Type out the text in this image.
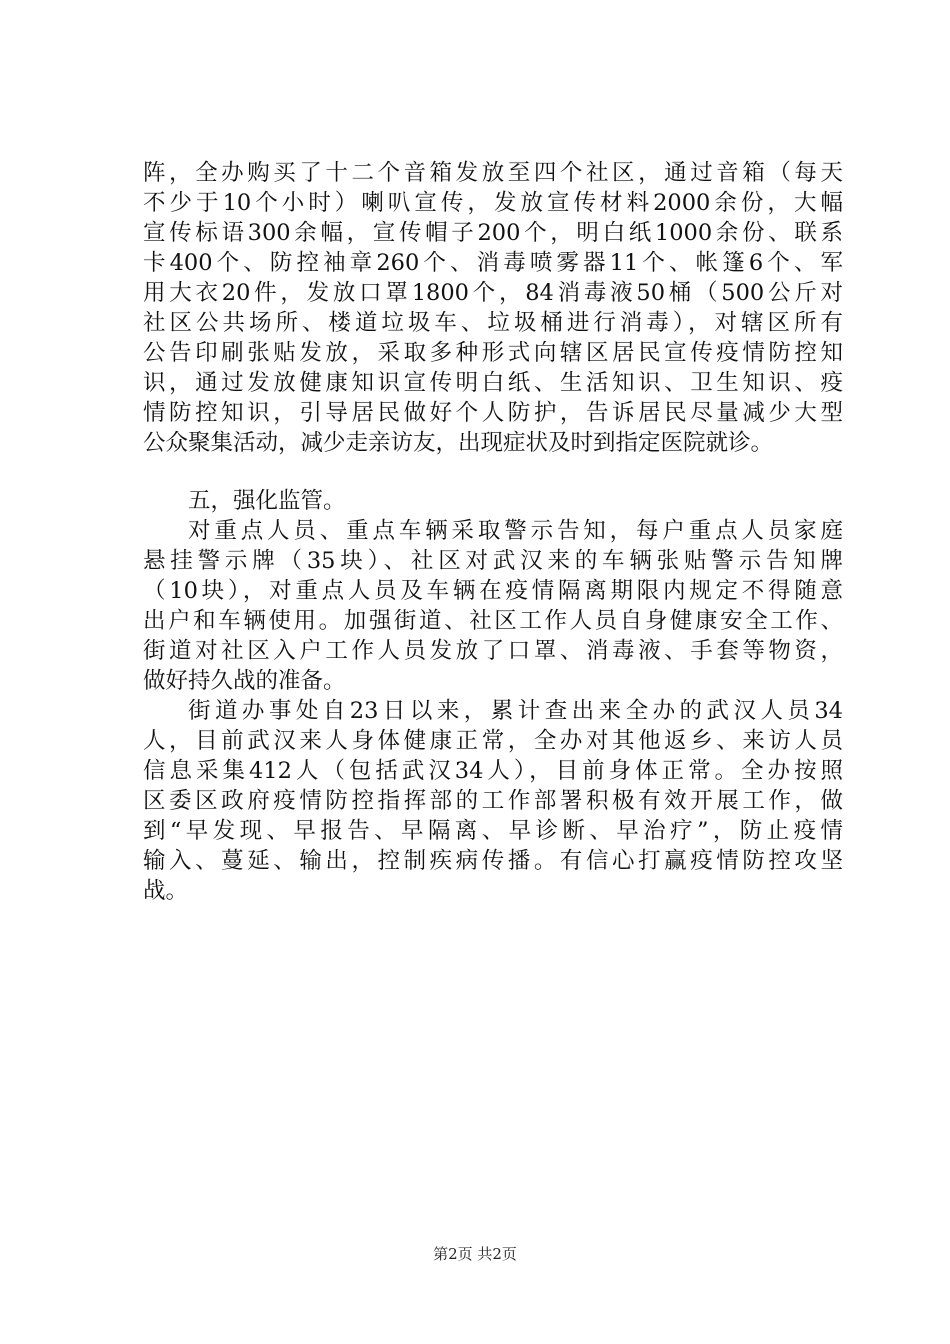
阵，全办购买了十二个音箱发放至四个社区，通过音箱（每天
不少于10个小时）喇叭宣传，发放宣传材料2000余份，大幅
宣传标语300余幅，宣传帽子200个，明白纸1000余份、联系
卡400个、防控袖章260个、消毒喷雾器11个、帐篷6个、军
用大衣20件，发放口罩1800个，84消毒液50桶（500公斤对
社区公共场所、楼道垃圾车、垃圾桶进行消毒），对辖区所有
公告印刷张贴发放，采取多种形式向辖区居民宣传疫情防控知
识，通过发放健康知识宣传明白纸、生活知识、卫生知识、疫
情防控知识，引导居民做好个人防护，告诉居民尽量减少大型
公众聚集活动，减少走亲访友，出现症状及时到指定医院就诊。
五，强化监管。
对重点人员、重点车辆采取警示告知，每户重点人员家庭
悬挂警示牌（35块）、社区对武汉来的车辆张贴警示告知牌
（10块），对重点人员及车辆在疫情隔离期限内规定不得随意
出户和车辆使用。加强街道、社区工作人员自身健康安全工作、
街道对社区入户工作人员发放了口罩、消毒液、手套等物资，
做好持久战的准备。
街道办事处自23日以来，累计查出来全办的武汉人员34
人，目前武汉来人身体健康正常，全办对其他返乡、来访人员
信息采集412人（包括武汉34人），目前身体正常。全办按照
区委区政府疫情防控指挥部的工作部署积极有效开展工作，做
到“早发现、早报告、早隔离、早诊断、早治疗”，防止疫情
输入、蔓延、输出，控制疾病传播。有信心打赢疫情防控攻坚
战。
第2页 共2页
